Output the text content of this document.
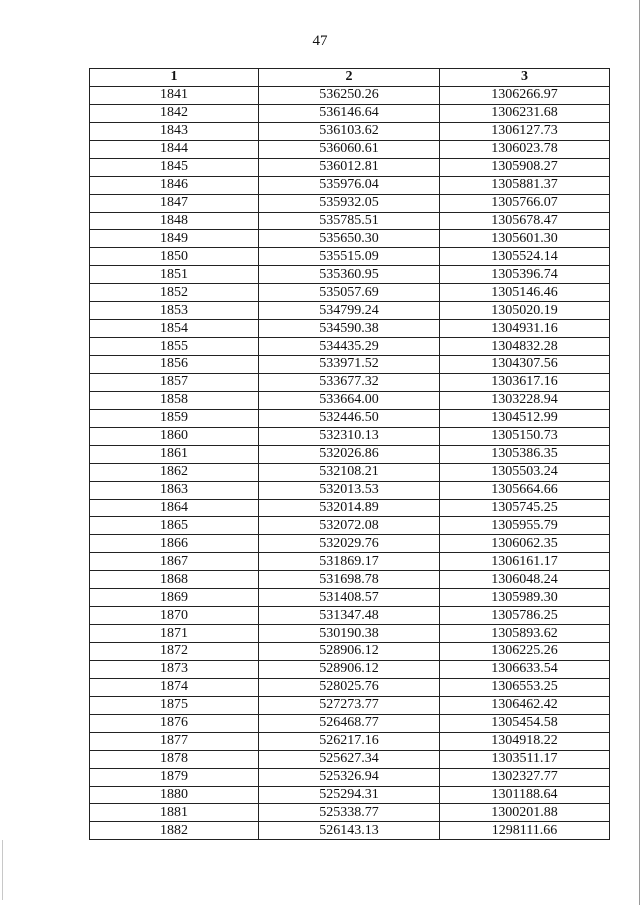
47
1	2	3
1841	536250.26	1306266.97
1842	536146.64	1306231.68
1843	536103.62	1306127.73
1844	536060.61	1306023.78
1845	536012.81	1305908.27
1846	535976.04	1305881.37
1847	535932.05	1305766.07
1848	535785.51	1305678.47
1849	535650.30	1305601.30
1850	535515.09	1305524.14
1851	535360.95	1305396.74
1852	535057.69	1305146.46
1853	534799.24	1305020.19
1854	534590.38	1304931.16
1855	534435.29	1304832.28
1856	533971.52	1304307.56
1857	533677.32	1303617.16
1858	533664.00	1303228.94
1859	532446.50	1304512.99
1860	532310.13	1305150.73
1861	532026.86	1305386.35
1862	532108.21	1305503.24
1863	532013.53	1305664.66
1864	532014.89	1305745.25
1865	532072.08	1305955.79
1866	532029.76	1306062.35
1867	531869.17	1306161.17
1868	531698.78	1306048.24
1869	531408.57	1305989.30
1870	531347.48	1305786.25
1871	530190.38	1305893.62
1872	528906.12	1306225.26
1873	528906.12	1306633.54
1874	528025.76	1306553.25
1875	527273.77	1306462.42
1876	526468.77	1305454.58
1877	526217.16	1304918.22
1878	525627.34	1303511.17
1879	525326.94	1302327.77
1880	525294.31	1301188.64
1881	525338.77	1300201.88
1882	526143.13	1298111.66
